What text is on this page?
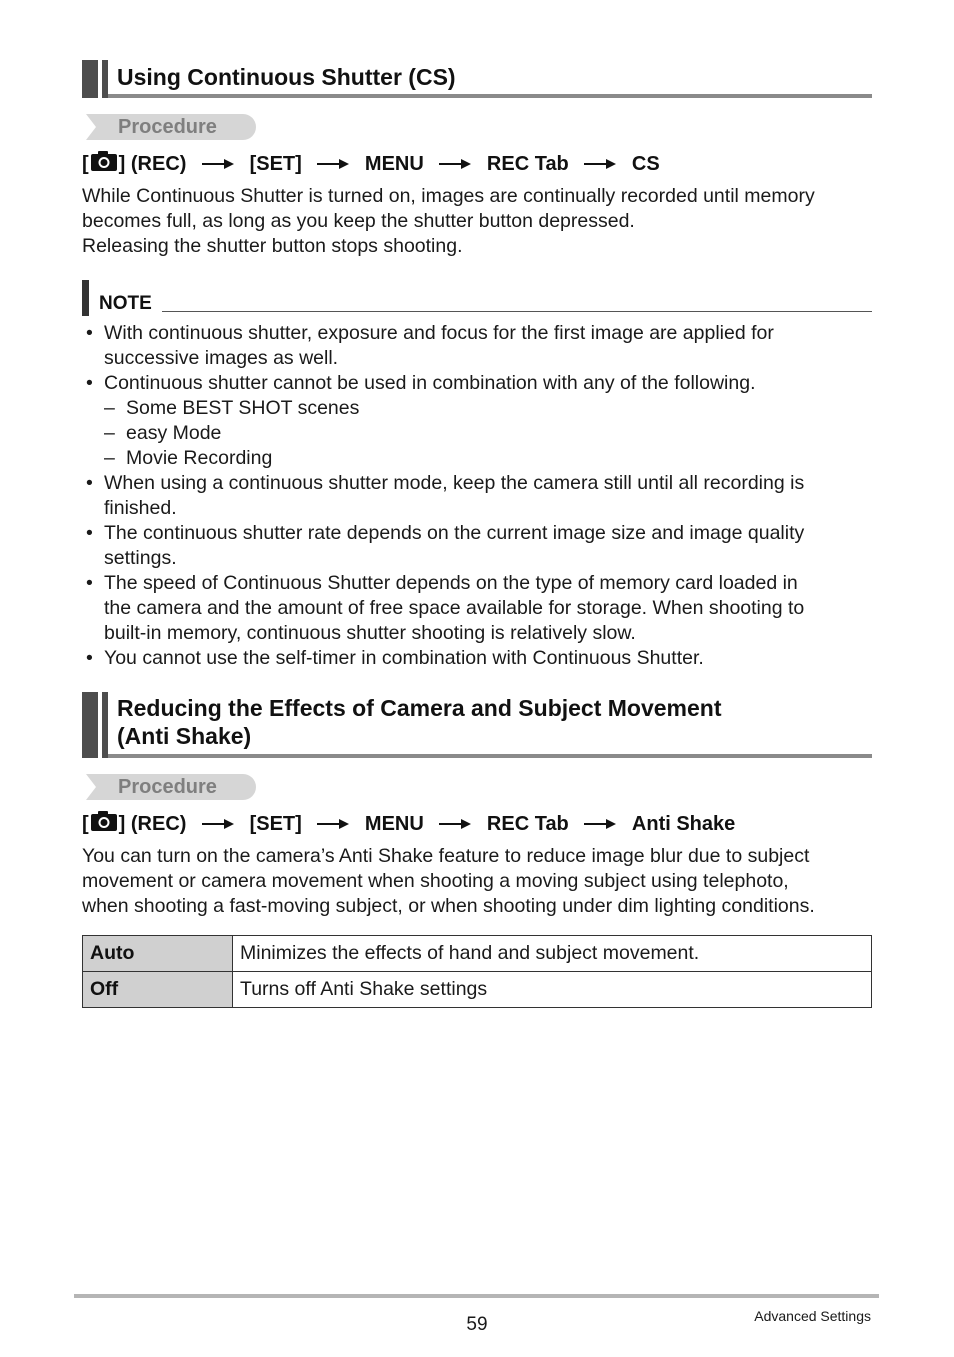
Using Continuous Shutter (CS)
Procedure
[ ] (REC)	[SET]	MENU	REC Tab	CS
While Continuous Shutter is turned on, images are continually recorded until memory
becomes full, as long as you keep the shutter button depressed.
Releasing the shutter button stops shooting.
NOTE
• With continuous shutter, exposure and focus for the first image are applied for
successive images as well.
• Continuous shutter cannot be used in combination with any of the following.
– Some BEST SHOT scenes
– easy Mode
– Movie Recording
• When using a continuous shutter mode, keep the camera still until all recording is
finished.
• The continuous shutter rate depends on the current image size and image quality
settings.
• The speed of Continuous Shutter depends on the type of memory card loaded in
the camera and the amount of free space available for storage. When shooting to
built-in memory, continuous shutter shooting is relatively slow.
• You cannot use the self-timer in combination with Continuous Shutter.
Reducing the Effects of Camera and Subject Movement
(Anti Shake)
Procedure
[ ] (REC)	[SET]	MENU	REC Tab	Anti Shake
You can turn on the camera’s Anti Shake feature to reduce image blur due to subject
movement or camera movement when shooting a moving subject using telephoto,
when shooting a fast-moving subject, or when shooting under dim lighting conditions.
Auto	Minimizes the effects of hand and subject movement.
Off	Turns off Anti Shake settings
59	Advanced Settings
